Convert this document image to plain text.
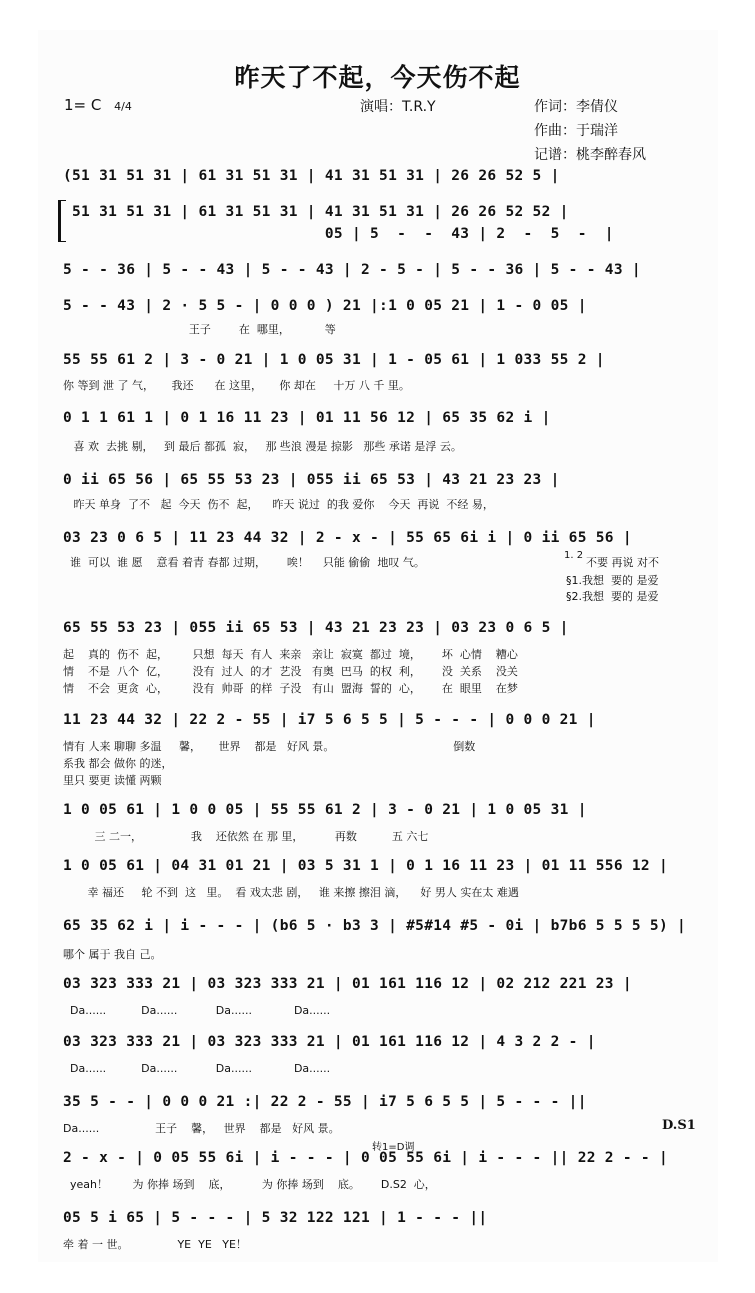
昨天了不起，今天伤不起
1= C 4/4	演唱：T.R.Y	作词：李倩仪
作曲：于瑞洋
记谱：桃李醉春风
(51 31 51 31 | 61 31 51 31 | 41 31 51 31 | 26 26 52 5 |
51 31 51 31 | 61 31 51 31 | 41 31 51 31 | 26 26 52 52 |
05 | 5  -  -  43 | 2  -  5  -  |
5 - - 36 | 5 - - 43 | 5 - - 43 | 2 - 5 - | 5 - - 36 | 5 - - 43 |
5 - - 43 | 2 · 5 5 - | 0 0 0 ) 21 |:1 0 05 21 | 1 - 0 05 |
王子        在  哪里，          等
55 55 61 2 | 3 - 0 21 | 1 0 05 31 | 1 - 05 61 | 1 033 55 2 |
你 等到 泄 了 气，     我还      在 这里，     你 却在     十万 八 千 里。
0 1 1 61 1 | 0 1 16 11 23 | 01 11 56 12 | 65 35 62 i |
喜 欢  去挑 剔，   到 最后 都孤  寂，   那 些浪 漫是 掠影   那些 承诺 是浮 云。
0 ii 65 56 | 65 55 53 23 | 055 ii 65 53 | 43 21 23 23 |
昨天 单身  了不   起  今天  伤不  起，    昨天 说过  的我 爱你    今天  再说  不经 易，
03 23 0 6 5 | 11 23 44 32 | 2 - x - | 55 65 6i i | 0 ii 65 56 |
谁  可以  谁 愿    意看 着青 春都 过期，      唉！    只能 偷偷  地叹 气。
1. 2
不要 再说 对不
§1.我想  要的 是爱
§2.我想  要的 是爱
65 55 53 23 | 055 ii 65 53 | 43 21 23 23 | 03 23 0 6 5 |
起    真的  伤不  起，       只想  每天  有人  来亲   亲让  寂寞  都过  境，      坏  心情    糟心
情    不是  八个  亿，       没有  过人  的才  艺没   有奥  巴马  的权  利，      没  关系    没关
情    不会  更贪  心，       没有  帅哥  的样  子没   有山  盟海  誓的  心，      在  眼里    在梦
11 23 44 32 | 22 2 - 55 | i7 5 6 5 5 | 5 - - - | 0 0 0 21 |
情有 人来 聊聊 多温     馨，     世界    都是   好风 景。                                  倒数
系我 都会 做你 的迷，
里只 要更 读懂 两颗
1 0 05 61 | 1 0 0 05 | 55 55 61 2 | 3 - 0 21 | 1 0 05 31 |
三 二一，              我    还依然 在 那 里，         再数          五 六七
1 0 05 61 | 04 31 01 21 | 03 5 31 1 | 0 1 16 11 23 | 01 11 556 12 |
幸 福还     轮 不到  这   里。  看 戏太悲 剧，   谁 来擦 擦泪 滴，    好 男人 实在太 难遇
65 35 62 i | i - - - | (b6 5 · b3 3 | #5#14 #5 - 0i | b7b6 5 5 5 5) |
哪个 属于 我自 己。
03 323 333 21 | 03 323 333 21 | 01 161 116 12 | 02 212 221 23 |
Da......          Da......           Da......            Da......
03 323 333 21 | 03 323 333 21 | 01 161 116 12 | 4 3 2 2 - |
Da......          Da......           Da......            Da......
35 5 - - | 0 0 0 21 :| 22 2 - 55 | i7 5 6 5 5 | 5 - - - ||
Da......                王子    馨，   世界    都是   好风 景。	D.S1
转1=D调
2 - x - | 0 05 55 6i | i - - - | 0 05 55 6i | i - - - || 22 2 - - |
yeah！       为 你捧 场到    底，         为 你捧 场到    底。      D.S2  心，
05 5 i 65 | 5 - - - | 5 32 122 121 | 1 - - - ||
牵 着 一 世。              YE  YE   YE！
